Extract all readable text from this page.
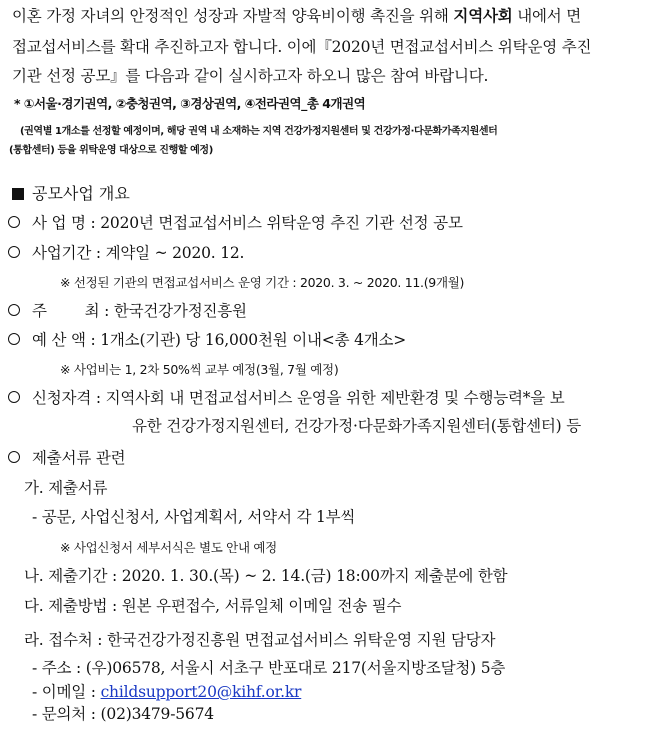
이혼 가정 자녀의 안정적인 성장과 자발적 양육비이행 촉진을 위해 지역사회 내에서 면
접교섭서비스를 확대 추진하고자 합니다. 이에『2020년 면접교섭서비스 위탁운영 추진
기관 선정 공모』를 다음과 같이 실시하고자 하오니 많은 참여 바랍니다.
* ①서울·경기권역, ②충청권역, ③경상권역, ④전라권역_총 4개권역
(권역별 1개소를 선정할 예정이며, 해당 권역 내 소재하는 지역 건강가정지원센터 및 건강가정·다문화가족지원센터
(통합센터) 등을 위탁운영 대상으로 진행할 예정)
공모사업 개요
사 업 명 : 2020년 면접교섭서비스 위탁운영 추진 기관 선정 공모
사업기간 : 계약일 ~ 2020. 12.
※ 선정된 기관의 면접교섭서비스 운영 기간 : 2020. 3. ~ 2020. 11.(9개월)
주        최 : 한국건강가정진흥원
예 산 액 : 1개소(기관) 당 16,000천원 이내<총 4개소>
※ 사업비는 1, 2차 50%씩 교부 예정(3월, 7월 예정)
신청자격 : 지역사회 내 면접교섭서비스 운영을 위한 제반환경 및 수행능력*을 보
유한 건강가정지원센터, 건강가정·다문화가족지원센터(통합센터) 등
제출서류 관련
가. 제출서류
- 공문, 사업신청서, 사업계획서, 서약서 각 1부씩
※ 사업신청서 세부서식은 별도 안내 예정
나. 제출기간 : 2020. 1. 30.(목) ~ 2. 14.(금) 18:00까지 제출분에 한함
다. 제출방법 : 원본 우편접수, 서류일체 이메일 전송 필수
라. 접수처 : 한국건강가정진흥원 면접교섭서비스 위탁운영 지원 담당자
- 주소 : (우)06578, 서울시 서초구 반포대로 217(서울지방조달청) 5층
- 이메일 : childsupport20@kihf.or.kr
- 문의처 : (02)3479-5674
